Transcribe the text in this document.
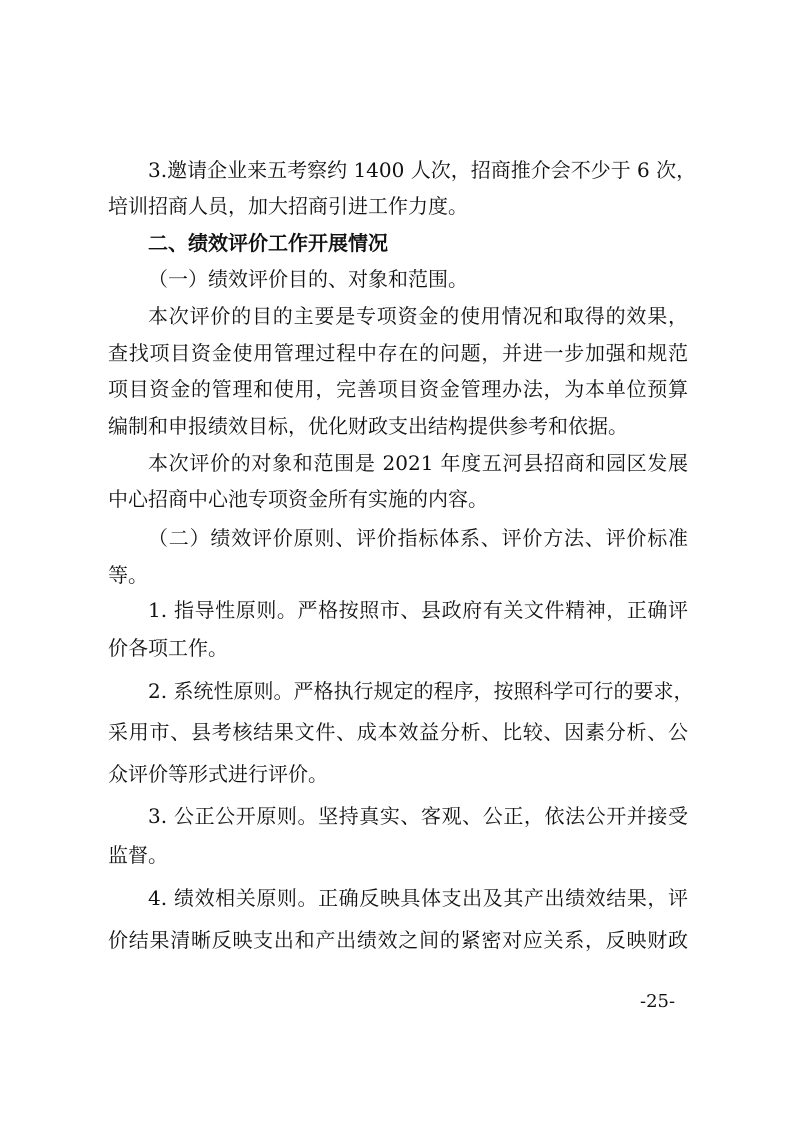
3.邀请企业来五考察约 1400 人次，招商推介会不少于 6 次，
培训招商人员，加大招商引进工作力度。
二、绩效评价工作开展情况
（一）绩效评价目的、对象和范围。
本次评价的目的主要是专项资金的使用情况和取得的效果，
查找项目资金使用管理过程中存在的问题，并进一步加强和规范
项目资金的管理和使用，完善项目资金管理办法，为本单位预算
编制和申报绩效目标，优化财政支出结构提供参考和依据。
本次评价的对象和范围是 2021 年度五河县招商和园区发展
中心招商中心池专项资金所有实施的内容。
（二）绩效评价原则、评价指标体系、评价方法、评价标准
等。
1. 指导性原则。严格按照市、县政府有关文件精神，正确评
价各项工作。
2. 系统性原则。严格执行规定的程序，按照科学可行的要求，
采用市、县考核结果文件、成本效益分析、比较、因素分析、公
众评价等形式进行评价。
3. 公正公开原则。坚持真实、客观、公正，依法公开并接受
监督。
4. 绩效相关原则。正确反映具体支出及其产出绩效结果，评
价结果清晰反映支出和产出绩效之间的紧密对应关系，反映财政
-25-
